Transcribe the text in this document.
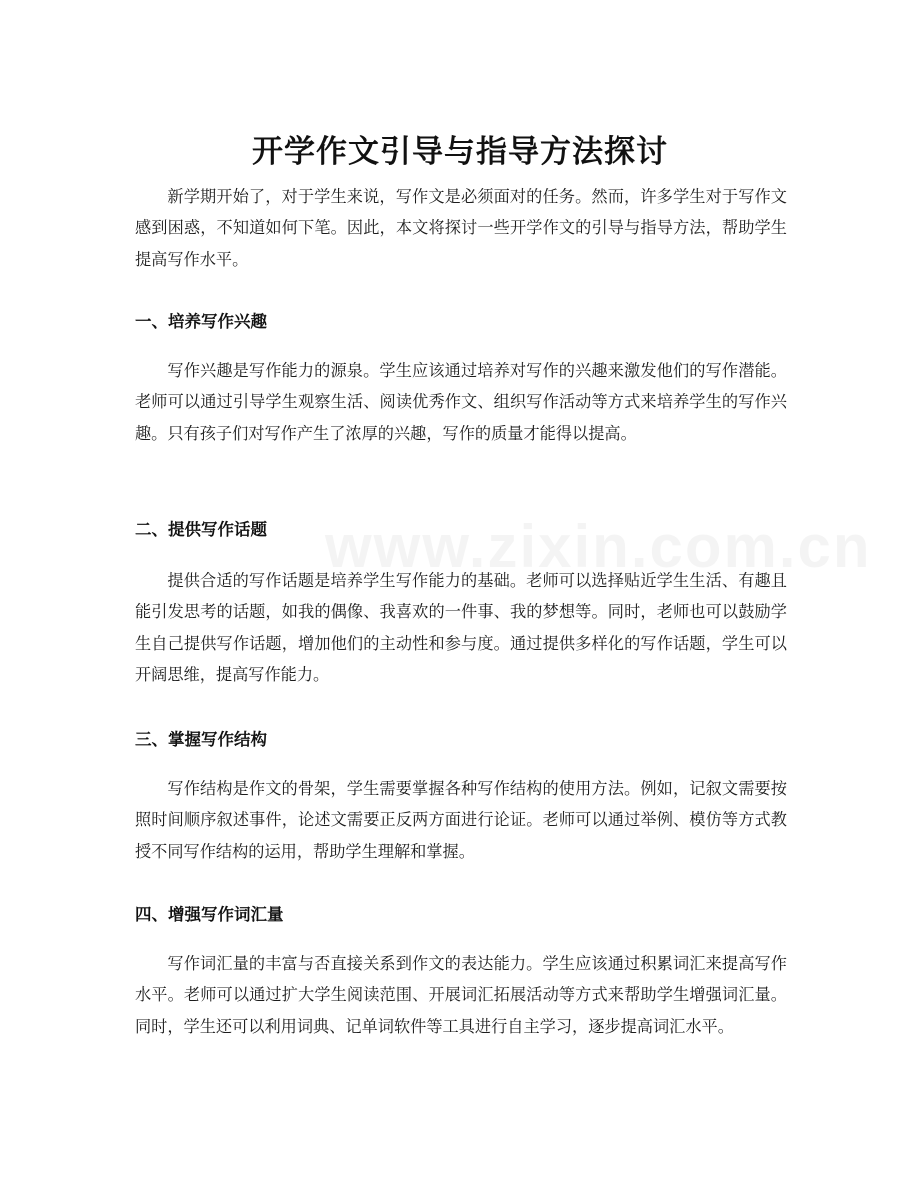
开学作文引导与指导方法探讨

新学期开始了，对于学生来说，写作文是必须面对的任务。然而，许多学生对于写作文感到困惑，不知道如何下笔。因此，本文将探讨一些开学作文的引导与指导方法，帮助学生提高写作水平。

一、培养写作兴趣

写作兴趣是写作能力的源泉。学生应该通过培养对写作的兴趣来激发他们的写作潜能。老师可以通过引导学生观察生活、阅读优秀作文、组织写作活动等方式来培养学生的写作兴趣。只有孩子们对写作产生了浓厚的兴趣，写作的质量才能得以提高。

二、提供写作话题

提供合适的写作话题是培养学生写作能力的基础。老师可以选择贴近学生生活、有趣且能引发思考的话题，如我的偶像、我喜欢的一件事、我的梦想等。同时，老师也可以鼓励学生自己提供写作话题，增加他们的主动性和参与度。通过提供多样化的写作话题，学生可以开阔思维，提高写作能力。

三、掌握写作结构

写作结构是作文的骨架，学生需要掌握各种写作结构的使用方法。例如，记叙文需要按照时间顺序叙述事件，论述文需要正反两方面进行论证。老师可以通过举例、模仿等方式教授不同写作结构的运用，帮助学生理解和掌握。

四、增强写作词汇量

写作词汇量的丰富与否直接关系到作文的表达能力。学生应该通过积累词汇来提高写作水平。老师可以通过扩大学生阅读范围、开展词汇拓展活动等方式来帮助学生增强词汇量。同时，学生还可以利用词典、记单词软件等工具进行自主学习，逐步提高词汇水平。
